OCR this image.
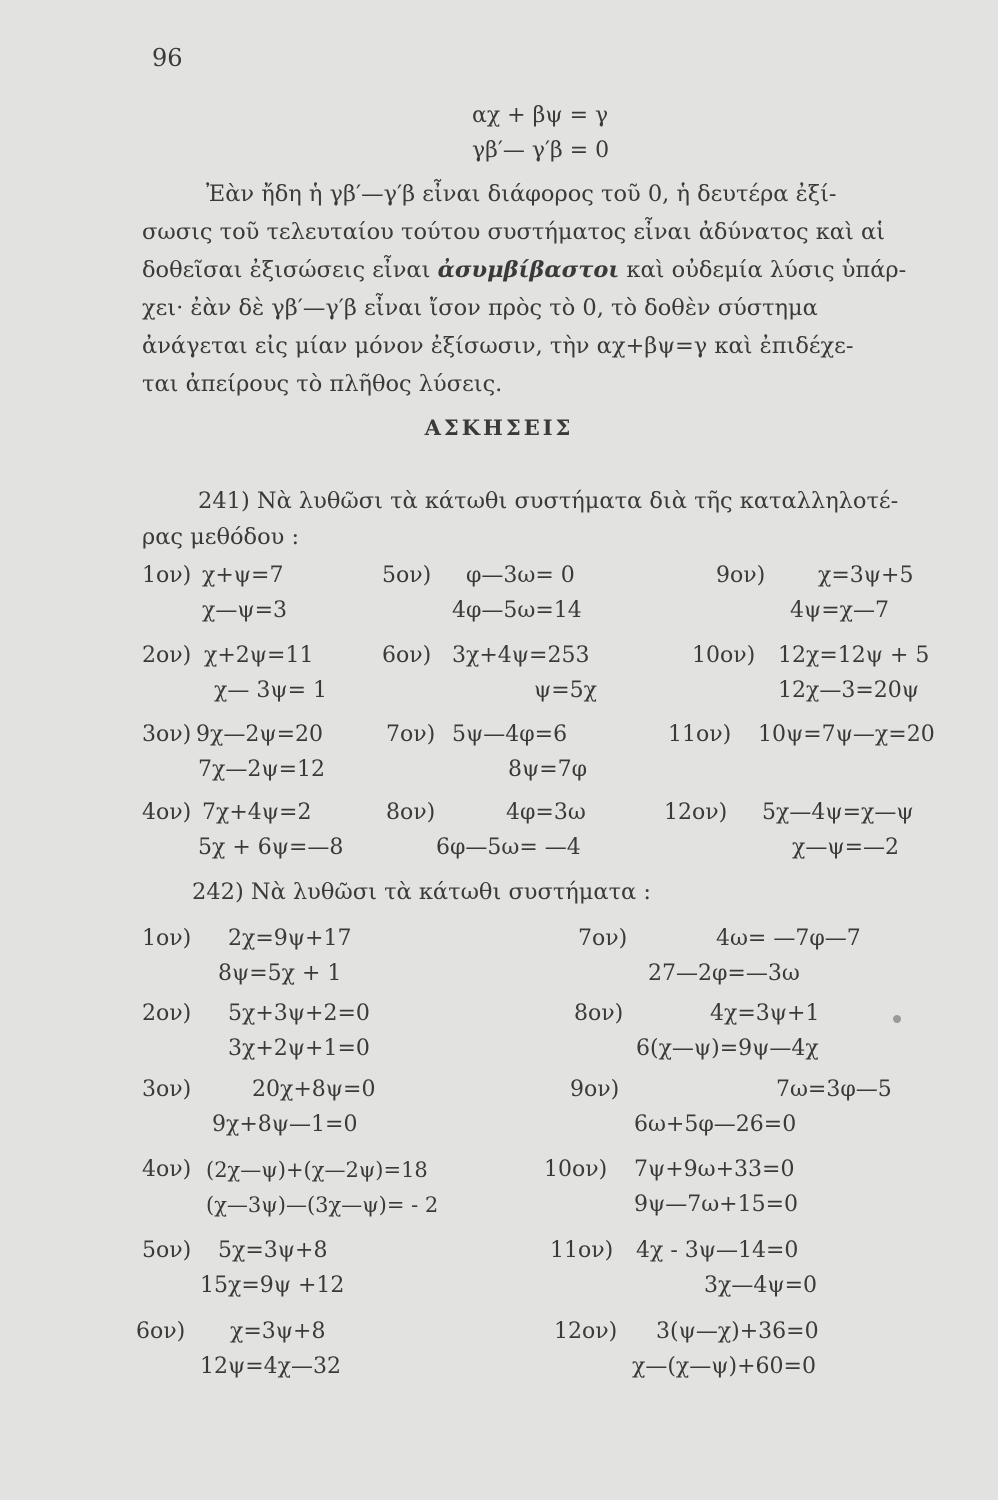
96
αχ + βψ = γ
γβ′— γ′β = 0
Ἐὰν ἤδη ἡ γβ′—γ′β εἶναι διάφορος τοῦ 0, ἡ δευτέρα ἐξί-
σωσις τοῦ τελευταίου τούτου συστήματος εἶναι ἀδύνατος καὶ αἱ
δοθεῖσαι ἐξισώσεις εἶναι ἀσυμβίβαστοι καὶ οὐδεμία λύσις ὑπάρ-
χει· ἐὰν δὲ γβ′—γ′β εἶναι ἴσον πρὸς τὸ 0, τὸ δοθὲν σύστημα
ἀνάγεται εἰς μίαν μόνον ἐξίσωσιν, τὴν αχ+βψ=γ καὶ ἐπιδέχε-
ται ἀπείρους τὸ πλῆθος λύσεις.
ΑΣΚΗΣΕΙΣ
241) Νὰ λυθῶσι τὰ κάτωθι συστήματα διὰ τῆς καταλληλοτέ-
ρας μεθόδου :
1ον) χ+ψ=7
χ—ψ=3
5ον) φ—3ω= 0
4φ—5ω=14
9ον) χ=3ψ+5
4ψ=χ—7
2ον) χ+2ψ=11
χ— 3ψ= 1
6ον) 3χ+4ψ=253
ψ=5χ
10ον) 12χ=12ψ + 5
12χ—3=20ψ
3ον) 9χ—2ψ=20
7χ—2ψ=12
7ον) 5ψ—4φ=6
8ψ=7φ
11ον) 10ψ=7ψ—χ=20
4ον) 7χ+4ψ=2
5χ + 6ψ=—8
8ον)	4φ=3ω
6φ—5ω= —4
12ον) 5χ—4ψ=χ—ψ
χ—ψ=—2
242) Νὰ λυθῶσι τὰ κάτωθι συστήματα :
1ον) 2χ=9ψ+17
8ψ=5χ + 1
7ον)	4ω= —7φ—7
27—2φ=—3ω
2ον) 5χ+3ψ+2=0
3χ+2ψ+1=0
8ον)	4χ=3ψ+1
6(χ—ψ)=9ψ—4χ
3ον)	20χ+8ψ=0
9χ+8ψ—1=0
9ον)	7ω=3φ—5
6ω+5φ—26=0
4ον) (2χ—ψ)+(χ—2ψ)=18
(χ—3ψ)—(3χ—ψ)= - 2
10ον) 7ψ+9ω+33=0
9ψ—7ω+15=0
5ον) 5χ=3ψ+8
15χ=9ψ +12
11ον) 4χ - 3ψ—14=0
3χ—4ψ=0
6ον) χ=3ψ+8
12ψ=4χ—32
12ον) 3(ψ—χ)+36=0
χ—(χ—ψ)+60=0
